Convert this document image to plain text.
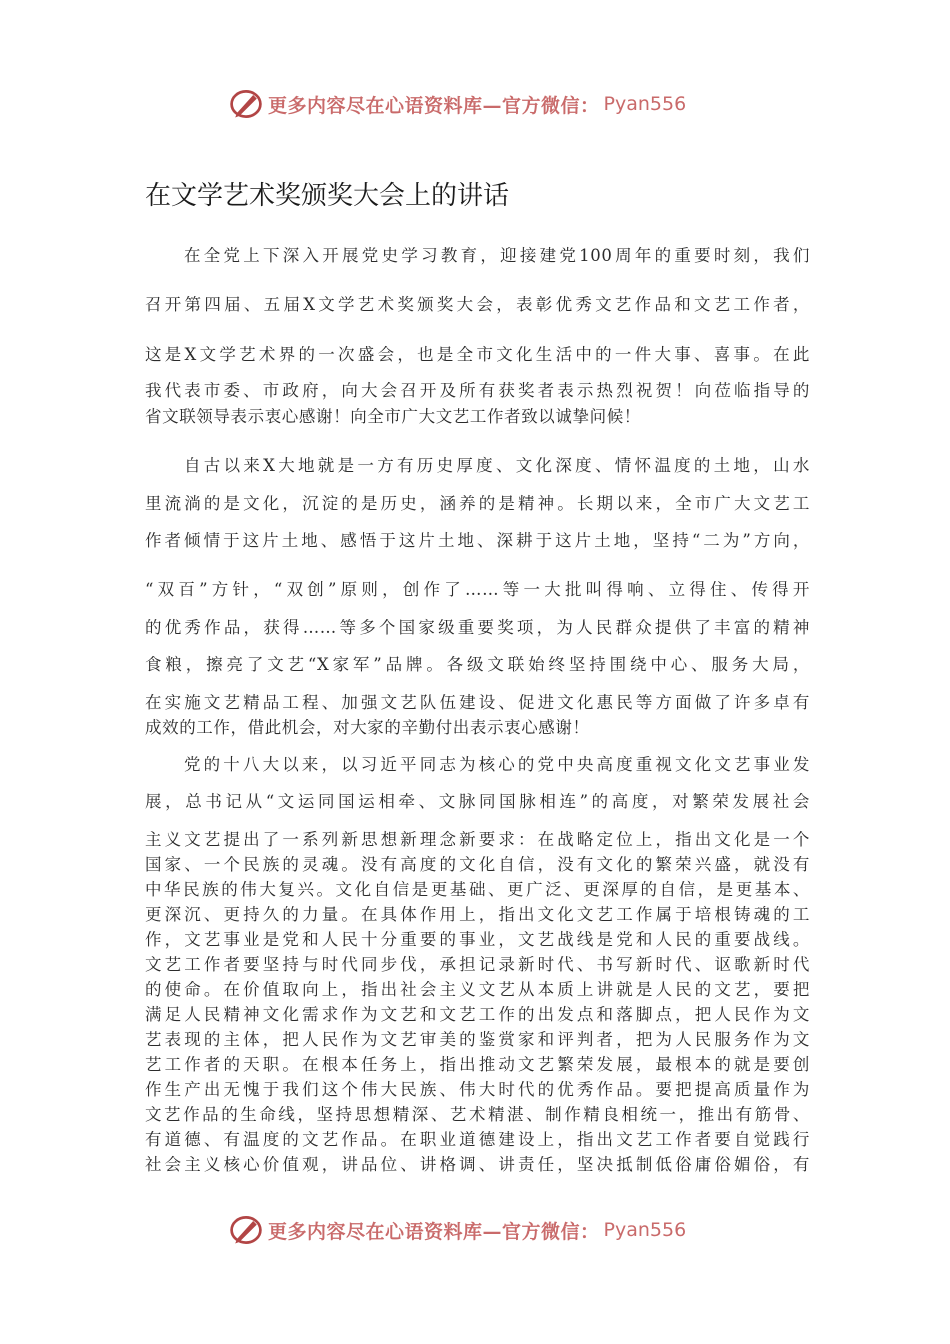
更多内容尽在心语资料库—官方微信： Pyan556
在文学艺术奖颁奖大会上的讲话
在全党上下深入开展党史学习教育，迎接建党100周年的重要时刻，我们
召开第四届、五届X文学艺术奖颁奖大会，表彰优秀文艺作品和文艺工作者，
这是X文学艺术界的一次盛会，也是全市文化生活中的一件大事、喜事。在此
我代表市委、市政府，向大会召开及所有获奖者表示热烈祝贺！向莅临指导的
省文联领导表示衷心感谢！向全市广大文艺工作者致以诚挚问候！
自古以来X大地就是一方有历史厚度、文化深度、情怀温度的土地，山水
里流淌的是文化，沉淀的是历史，涵养的是精神。长期以来，全市广大文艺工
作者倾情于这片土地、感悟于这片土地、深耕于这片土地，坚持“二为”方向，
“双百”方针，“双创”原则，创作了……等一大批叫得响、立得住、传得开
的优秀作品，获得……等多个国家级重要奖项，为人民群众提供了丰富的精神
食粮，擦亮了文艺“X家军”品牌。各级文联始终坚持围绕中心、服务大局，
在实施文艺精品工程、加强文艺队伍建设、促进文化惠民等方面做了许多卓有
成效的工作，借此机会，对大家的辛勤付出表示衷心感谢！
党的十八大以来，以习近平同志为核心的党中央高度重视文化文艺事业发
展，总书记从“文运同国运相牵、文脉同国脉相连”的高度，对繁荣发展社会
主义文艺提出了一系列新思想新理念新要求：在战略定位上，指出文化是一个
国家、一个民族的灵魂。没有高度的文化自信，没有文化的繁荣兴盛，就没有
中华民族的伟大复兴。文化自信是更基础、更广泛、更深厚的自信，是更基本、
更深沉、更持久的力量。在具体作用上，指出文化文艺工作属于培根铸魂的工
作，文艺事业是党和人民十分重要的事业，文艺战线是党和人民的重要战线。
文艺工作者要坚持与时代同步伐，承担记录新时代、书写新时代、讴歌新时代
的使命。在价值取向上，指出社会主义文艺从本质上讲就是人民的文艺，要把
满足人民精神文化需求作为文艺和文艺工作的出发点和落脚点，把人民作为文
艺表现的主体，把人民作为文艺审美的鉴赏家和评判者，把为人民服务作为文
艺工作者的天职。在根本任务上，指出推动文艺繁荣发展，最根本的就是要创
作生产出无愧于我们这个伟大民族、伟大时代的优秀作品。要把提高质量作为
文艺作品的生命线，坚持思想精深、艺术精湛、制作精良相统一，推出有筋骨、
有道德、有温度的文艺作品。在职业道德建设上，指出文艺工作者要自觉践行
社会主义核心价值观，讲品位、讲格调、讲责任，坚决抵制低俗庸俗媚俗，有
更多内容尽在心语资料库—官方微信： Pyan556
